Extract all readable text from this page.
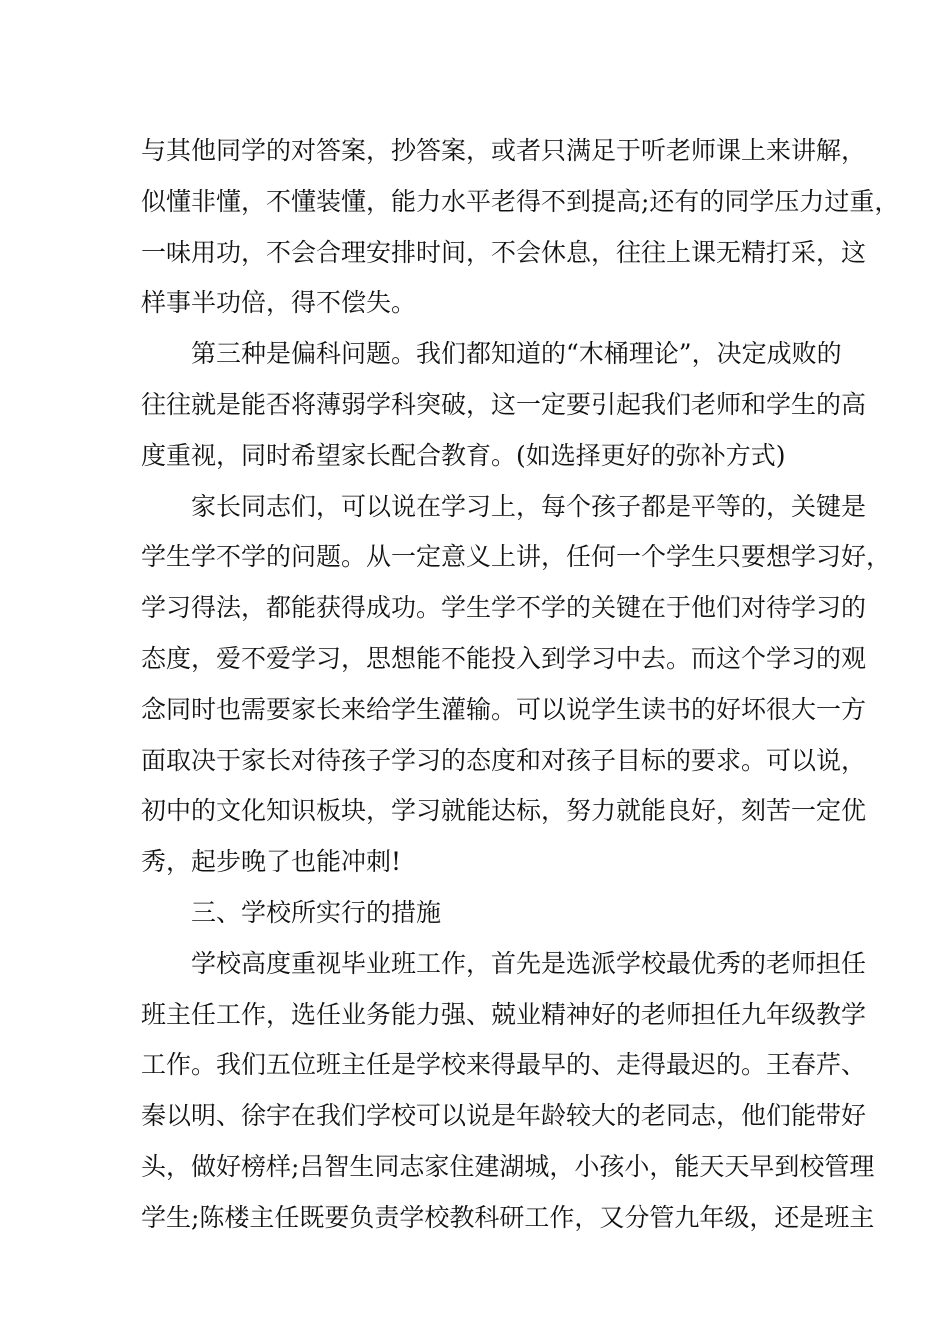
与其他同学的对答案，抄答案，或者只满足于听老师课上来讲解，
似懂非懂，不懂装懂，能力水平老得不到提高;还有的同学压力过重，
一味用功，不会合理安排时间，不会休息，往往上课无精打采，这
样事半功倍，得不偿失。
第三种是偏科问题。我们都知道的“木桶理论”，决定成败的
往往就是能否将薄弱学科突破，这一定要引起我们老师和学生的高
度重视，同时希望家长配合教育。(如选择更好的弥补方式)
家长同志们，可以说在学习上，每个孩子都是平等的，关键是
学生学不学的问题。从一定意义上讲，任何一个学生只要想学习好，
学习得法，都能获得成功。学生学不学的关键在于他们对待学习的
态度，爱不爱学习，思想能不能投入到学习中去。而这个学习的观
念同时也需要家长来给学生灌输。可以说学生读书的好坏很大一方
面取决于家长对待孩子学习的态度和对孩子目标的要求。可以说，
初中的文化知识板块，学习就能达标，努力就能良好，刻苦一定优
秀，起步晚了也能冲刺!
三、学校所实行的措施
学校高度重视毕业班工作，首先是选派学校最优秀的老师担任
班主任工作，选任业务能力强、兢业精神好的老师担任九年级教学
工作。我们五位班主任是学校来得最早的、走得最迟的。王春芹、
秦以明、徐宇在我们学校可以说是年龄较大的老同志，他们能带好
头，做好榜样;吕智生同志家住建湖城，小孩小，能天天早到校管理
学生;陈楼主任既要负责学校教科研工作，又分管九年级，还是班主
